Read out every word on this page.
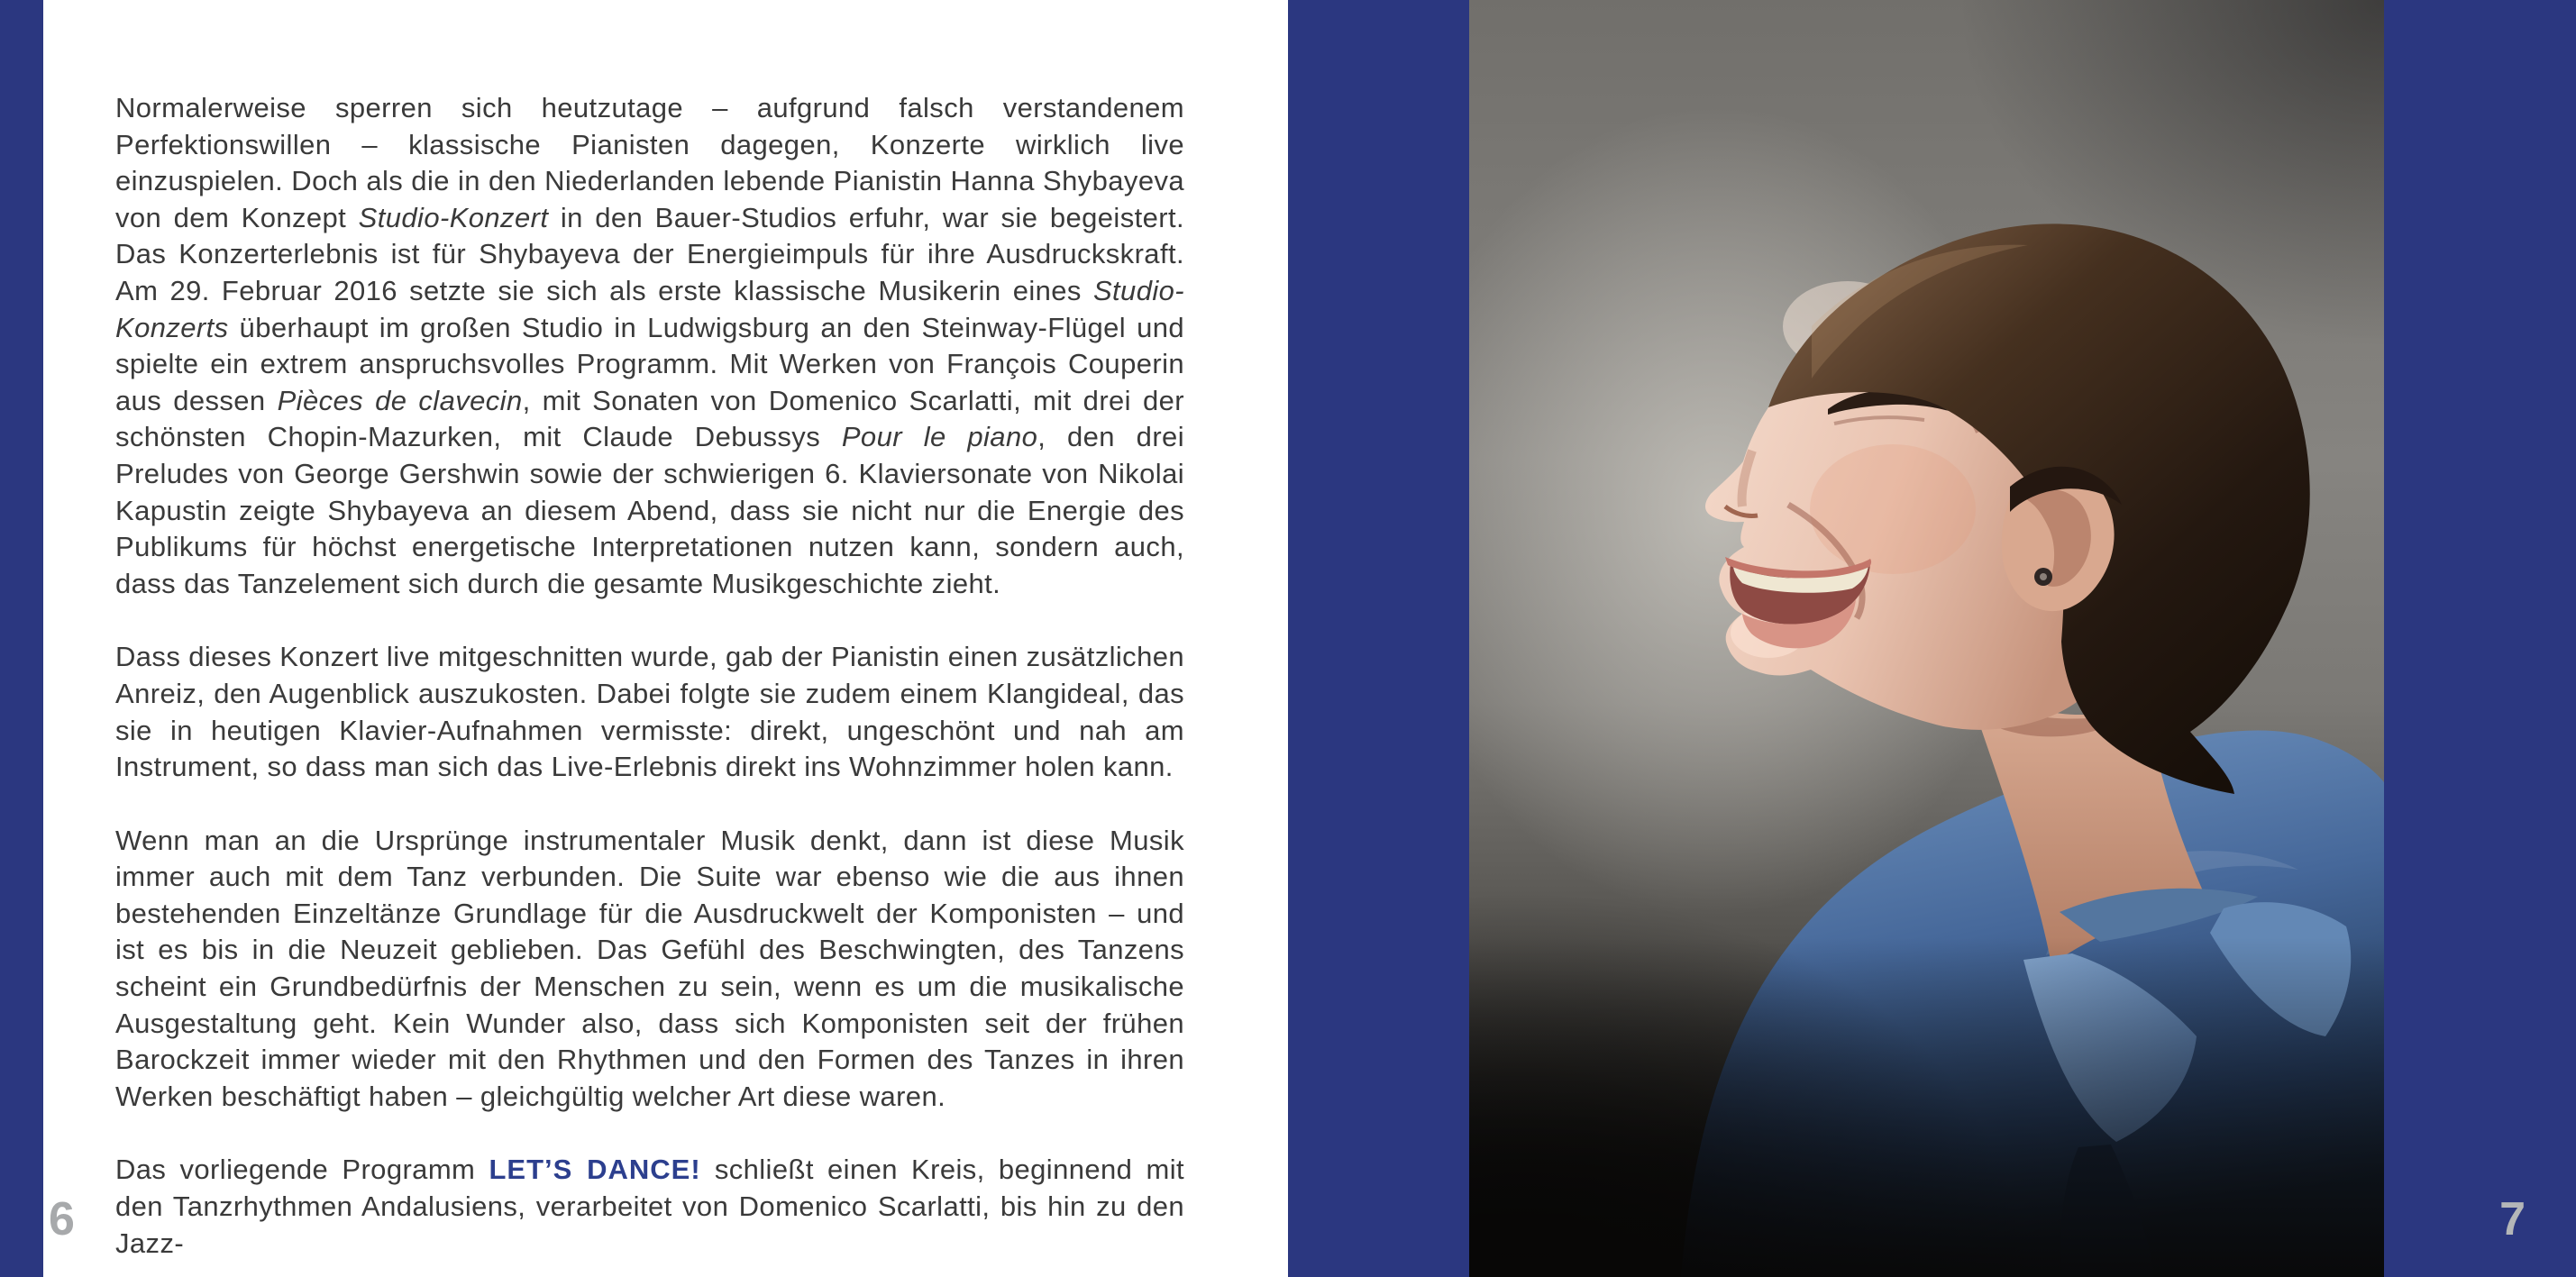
Normalerweise sperren sich heutzutage – aufgrund falsch verstandenem Perfektionswillen – klassische Pianisten dagegen, Konzerte wirklich live einzuspielen. Doch als die in den Niederlanden lebende Pianistin Hanna Shybayeva von dem Konzept Studio-Konzert in den Bauer-Studios erfuhr, war sie begeistert. Das Konzerterlebnis ist für Shybayeva der Energieimpuls für ihre Ausdruckskraft. Am 29. Februar 2016 setzte sie sich als erste klassische Musikerin eines Studio-Konzerts überhaupt im großen Studio in Ludwigsburg an den Steinway-Flügel und spielte ein extrem anspruchsvolles Programm. Mit Werken von François Couperin aus dessen Pièces de clavecin, mit Sonaten von Domenico Scarlatti, mit drei der schönsten Chopin-Mazurken, mit Claude Debussys Pour le piano, den drei Preludes von George Gershwin sowie der schwierigen 6. Klaviersonate von Nikolai Kapustin zeigte Shybayeva an diesem Abend, dass sie nicht nur die Energie des Publikums für höchst energetische Interpretationen nutzen kann, sondern auch, dass das Tanzelement sich durch die gesamte Musikgeschichte zieht.

Dass dieses Konzert live mitgeschnitten wurde, gab der Pianistin einen zusätzlichen Anreiz, den Augenblick auszukosten. Dabei folgte sie zudem einem Klangideal, das sie in heutigen Klavier-Aufnahmen vermisste: direkt, ungeschönt und nah am Instrument, so dass man sich das Live-Erlebnis direkt ins Wohnzimmer holen kann.

Wenn man an die Ursprünge instrumentaler Musik denkt, dann ist diese Musik immer auch mit dem Tanz verbunden. Die Suite war ebenso wie die aus ihnen bestehenden Einzeltänze Grundlage für die Ausdruckwelt der Komponisten – und ist es bis in die Neuzeit geblieben. Das Gefühl des Beschwingten, des Tanzens scheint ein Grundbedürfnis der Menschen zu sein, wenn es um die musikalische Ausgestaltung geht. Kein Wunder also, dass sich Komponisten seit der frühen Barockzeit immer wieder mit den Rhythmen und den Formen des Tanzes in ihren Werken beschäftigt haben – gleichgültig welcher Art diese waren.

Das vorliegende Programm LET’S DANCE! schließt einen Kreis, beginnend mit den Tanzrhythmen Andalusiens, verarbeitet von Domenico Scarlatti, bis hin zu den Jazz-

6	7
